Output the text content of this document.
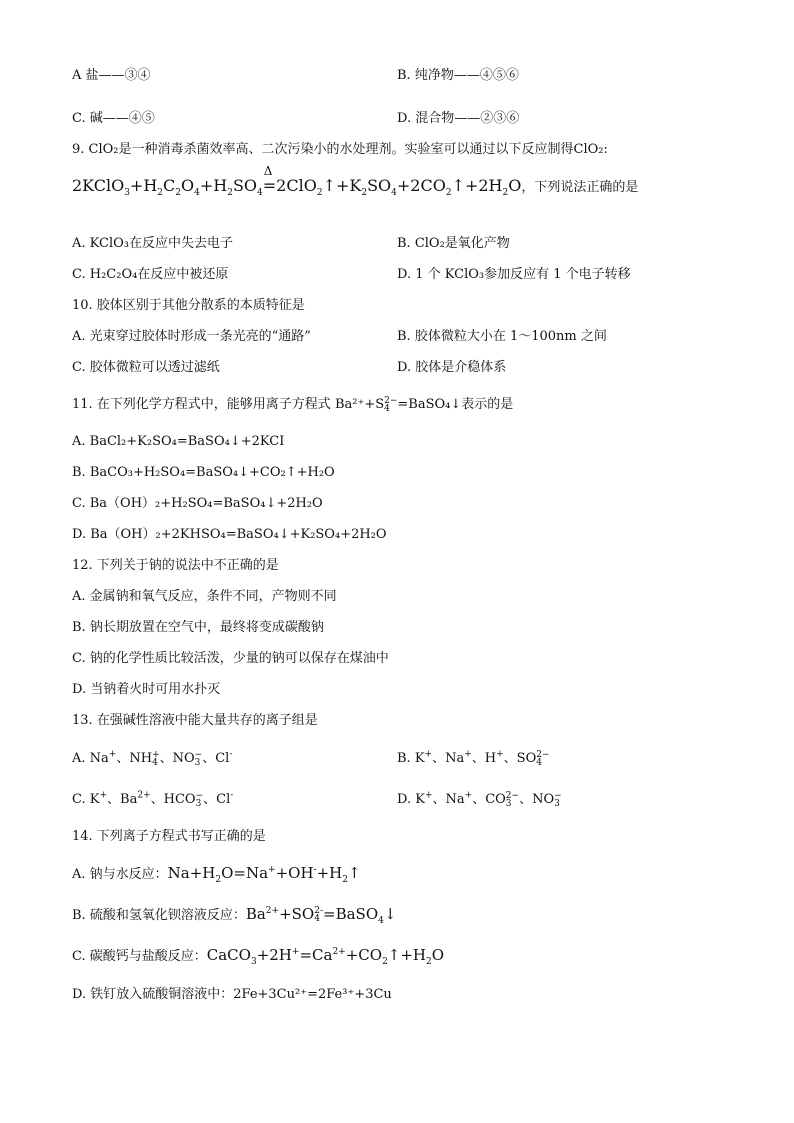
A 盐——③④	B. 纯净物——④⑤⑥
C. 碱——④⑤	D. 混合物——②③⑥
9. ClO₂是一种消毒杀菌效率高、二次污染小的水处理剂。实验室可以通过以下反应制得ClO₂:
$2KClO_3+H_2C_2O_4+H_2SO_4=$
Δ
$2ClO_2↑+K_2SO_4+2CO_2↑+2H_2O$，下列说法正确的是
A. KClO₃在反应中失去电子	B. ClO₂是氧化产物
C. H₂C₂O₄在反应中被还原	D. 1 个 KClO₃参加反应有 1 个电子转移
10. 胶体区别于其他分散系的本质特征是
A. 光束穿过胶体时形成一条光亮的“通路”	B. 胶体微粒大小在 1～100nm 之间
C. 胶体微粒可以透过滤纸	D. 胶体是介稳体系
11. 在下列化学方程式中，能够用离子方程式 Ba²⁺+S2−
4 =BaSO₄↓表示的是
A. BaCl₂+K₂SO₄=BaSO₄↓+2KCI
B. BaCO₃+H₂SO₄=BaSO₄↓+CO₂↑+H₂O
C. Ba（OH）₂+H₂SO₄=BaSO₄↓+2H₂O
D. Ba（OH）₂+2KHSO₄=BaSO₄↓+K₂SO₄+2H₂O
12. 下列关于钠的说法中不正确的是
A. 金属钠和氧气反应，条件不同，产物则不同
B. 钠长期放置在空气中，最终将变成碳酸钠
C. 钠的化学性质比较活泼，少量的钠可以保存在煤油中
D. 当钠着火时可用水扑灭
13. 在强碱性溶液中能大量共存的离子组是
A. Na+、NH+
4 、NO−
3 、Cl-	B. K+、Na+、H+、SO2−
4
C. K+、$Ba^{2+}$、HCO−
3 、Cl-	D. K+、Na+、CO2−
3 、NO−
3
14. 下列离子方程式书写正确的是
A. 钠与水反应：$Na+H_2O=Na^++OH^-+H_2↑$
B. 硫酸和氢氧化钡溶液反应：$Ba^{2+}+SO2-$
4 =BaSO$_4$↓
C. 碳酸钙与盐酸反应：$CaCO_3+2H^+=Ca^{2+}+CO_2↑+H_2O$
D. 铁钉放入硫酸铜溶液中：2Fe+3Cu²⁺=2Fe³⁺+3Cu
